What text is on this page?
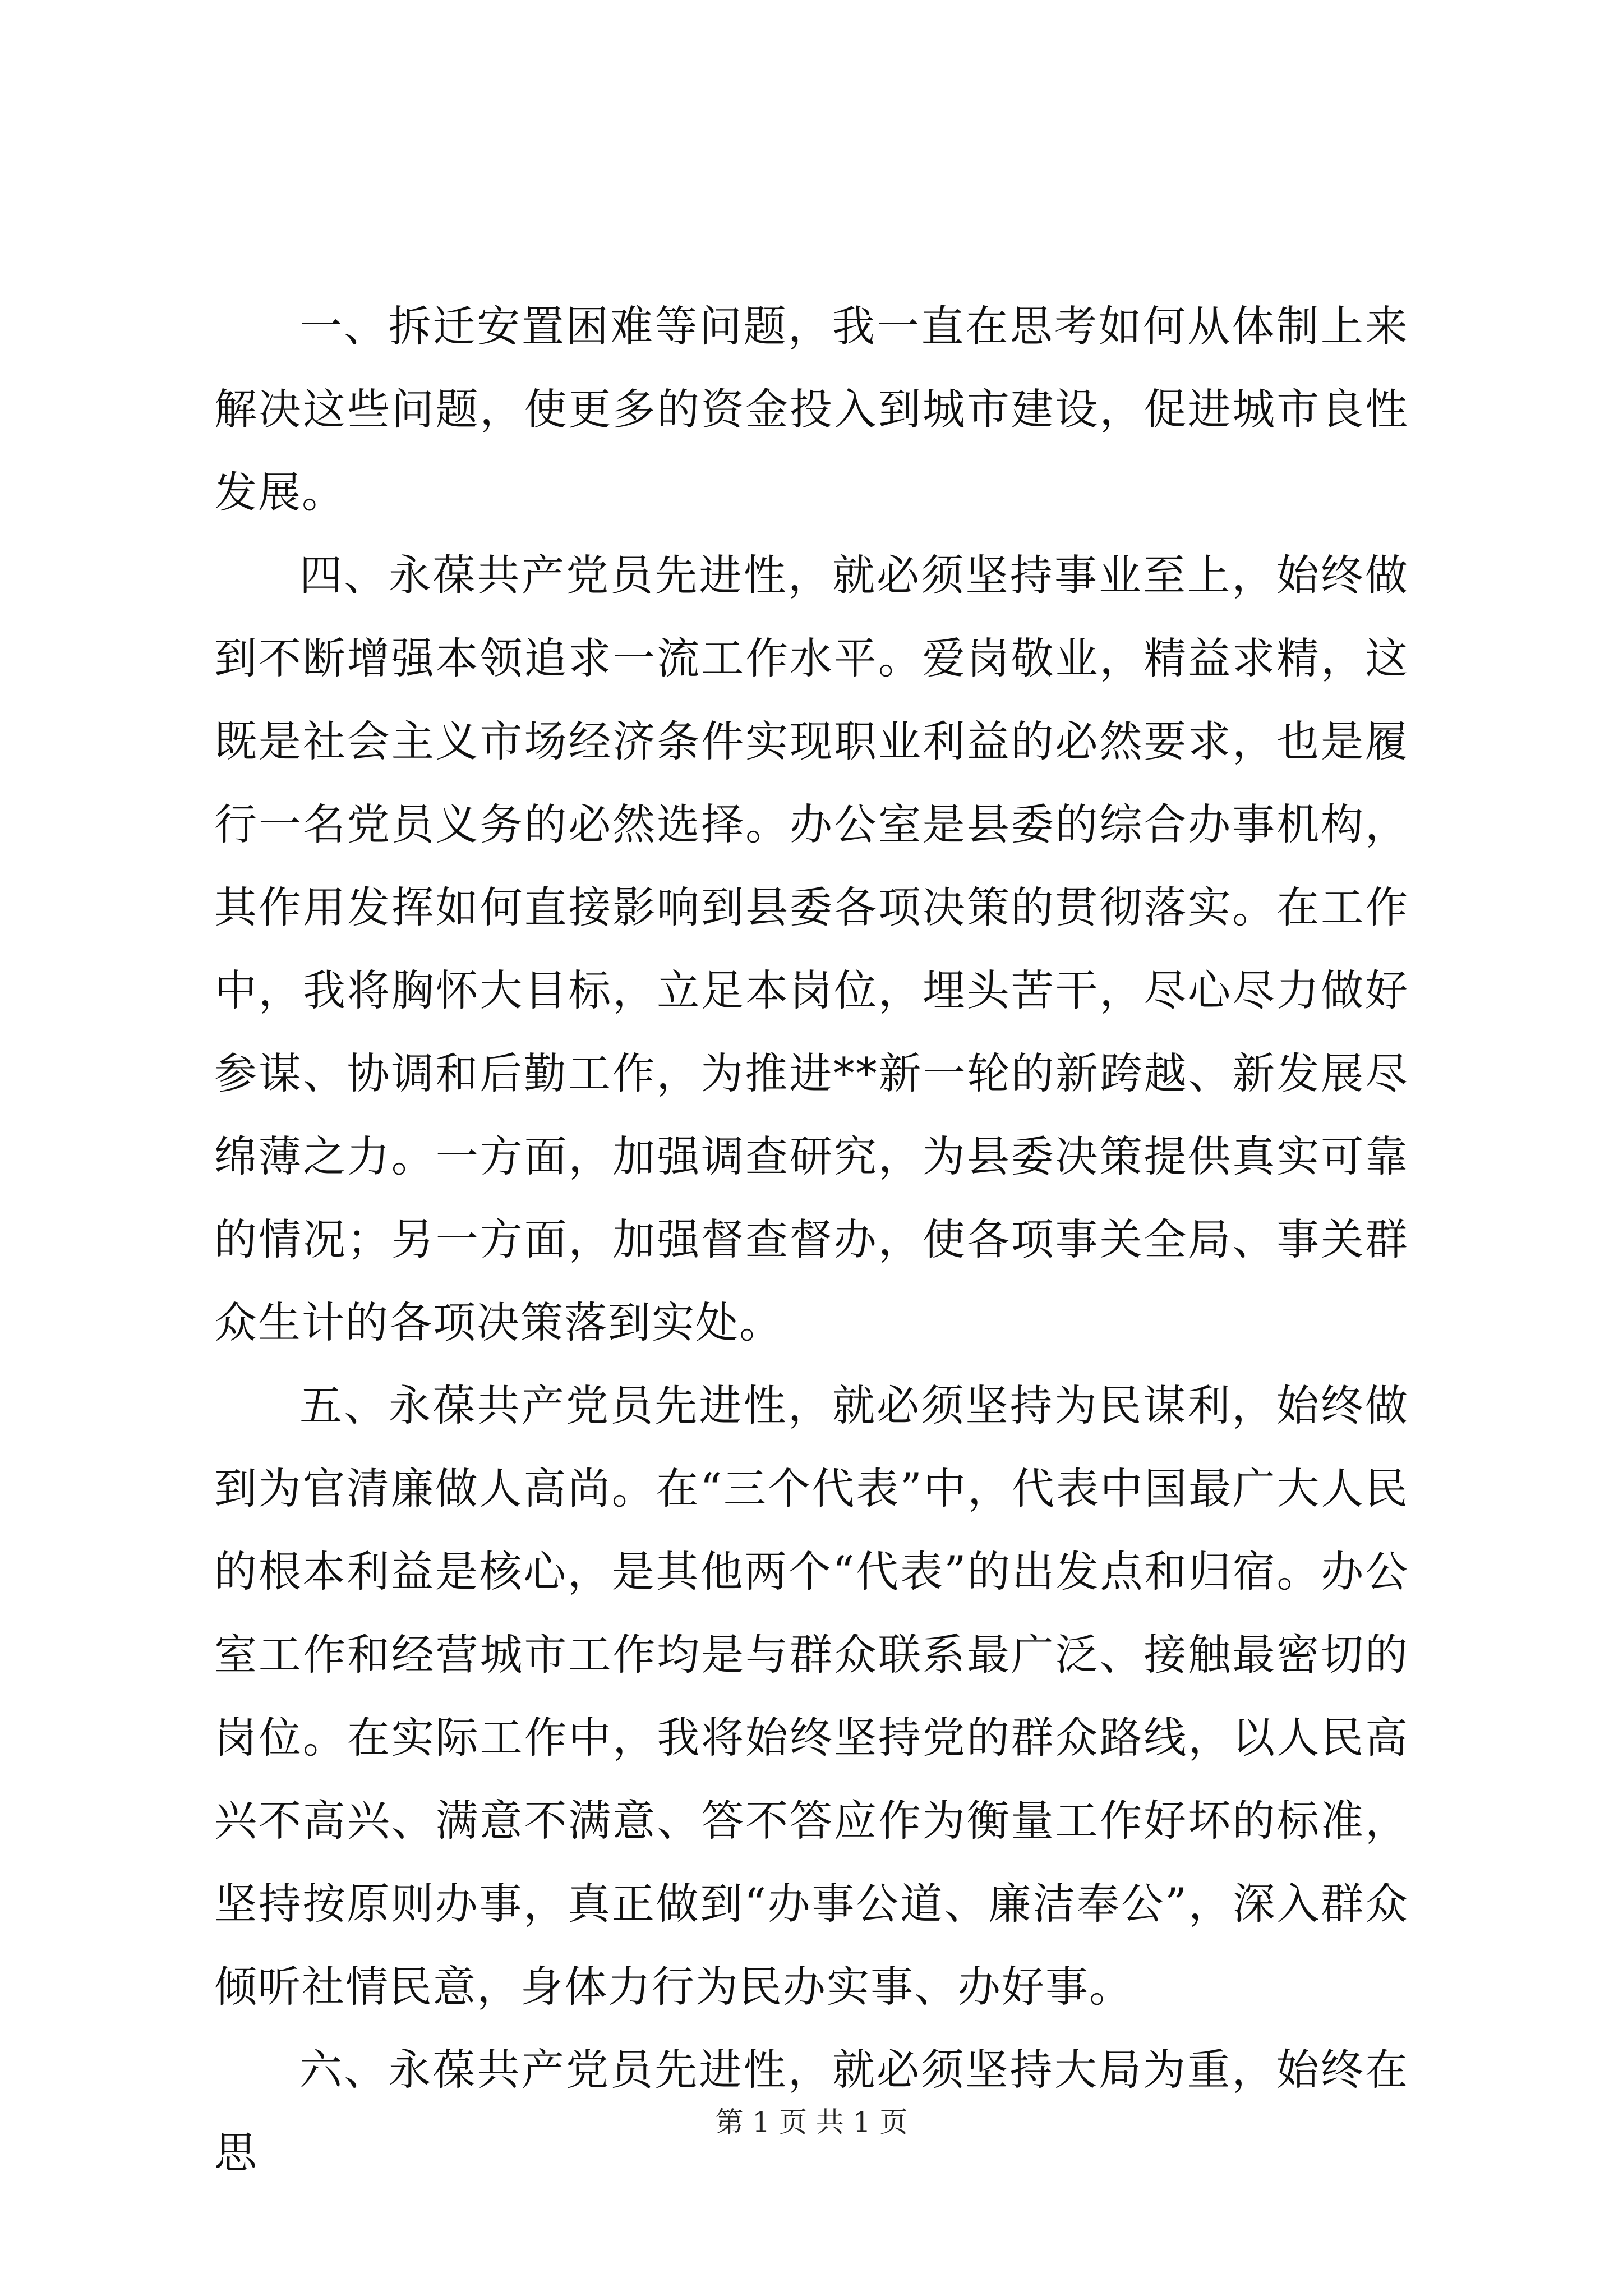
一、拆迁安置困难等问题，我一直在思考如何从体制上来解决这些问题，使更多的资金投入到城市建设，促进城市良性发展。

四、永葆共产党员先进性，就必须坚持事业至上，始终做到不断增强本领追求一流工作水平。爱岗敬业，精益求精，这既是社会主义市场经济条件实现职业利益的必然要求，也是履行一名党员义务的必然选择。办公室是县委的综合办事机构，其作用发挥如何直接影响到县委各项决策的贯彻落实。在工作中，我将胸怀大目标，立足本岗位，埋头苦干，尽心尽力做好参谋、协调和后勤工作，为推进**新一轮的新跨越、新发展尽绵薄之力。一方面，加强调查研究，为县委决策提供真实可靠的情况；另一方面，加强督查督办，使各项事关全局、事关群众生计的各项决策落到实处。

五、永葆共产党员先进性，就必须坚持为民谋利，始终做到为官清廉做人高尚。在“三个代表”中，代表中国最广大人民的根本利益是核心，是其他两个“代表”的出发点和归宿。办公室工作和经营城市工作均是与群众联系最广泛、接触最密切的岗位。在实际工作中，我将始终坚持党的群众路线，以人民高兴不高兴、满意不满意、答不答应作为衡量工作好坏的标准，坚持按原则办事，真正做到“办事公道、廉洁奉公”，深入群众倾听社情民意，身体力行为民办实事、办好事。

六、永葆共产党员先进性，就必须坚持大局为重，始终在思

第 1 页 共 1 页
